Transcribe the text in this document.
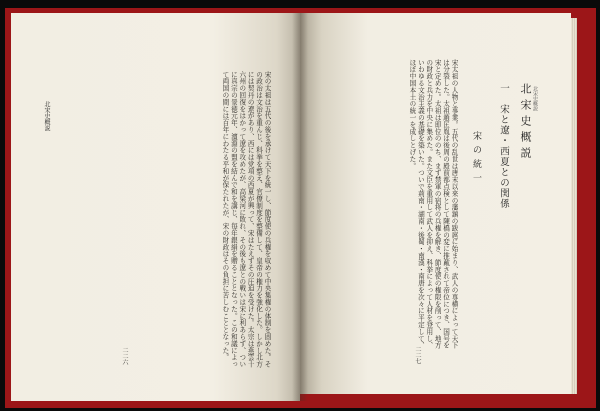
宋の太祖は五代の後を承けて天下を統一し、節度使の兵権を収めて中央集権の体制を固めた。その政治は文治を重んじ、科挙を整え、官僚制度を整備して、皇帝の権力を強化した。しかし北方には契丹の遼があり、西には党項の西夏が興って、宋はたえずその圧迫を受けた。太宗は燕雲十六州の回復をはかって遼を攻めたが、高梁河に敗れ、その後も遼との戦いは宋に利あらず、ついに真宗の景徳元年、澶淵の盟を結んで和を講じ、毎年銀絹を贈ることとなった。この和議によって両国の間には百年にわたる平和が保たれたが、宋の財政はその負担に苦しむこととなった。
北宋史概説
二二六
宋太祖の人物と事業。五代の乱世は唐末以来の藩鎮の跋扈に始まり、武人の専横によって天下は分裂した。太祖趙匡胤は後周の殿前都点検として陳橋の変に推戴されて帝位につき、国号を宋と定めた。太祖は即位ののち、まず禁軍の宿将の兵権を解き、節度使の権限を削って、地方の財政と兵力を中央に集めた。また文臣を重用して武人を抑え、科挙によって人材を登用し、いわゆる文治主義の基礎を築いた。ついで荊南・湖南・後蜀・南漢・南唐を次々に平定して、ほぼ中国本土の統一を成しとげた。	宋の統一 一　宋と遼・西夏との関係 北宋史概説 北宋史概説
二二七
